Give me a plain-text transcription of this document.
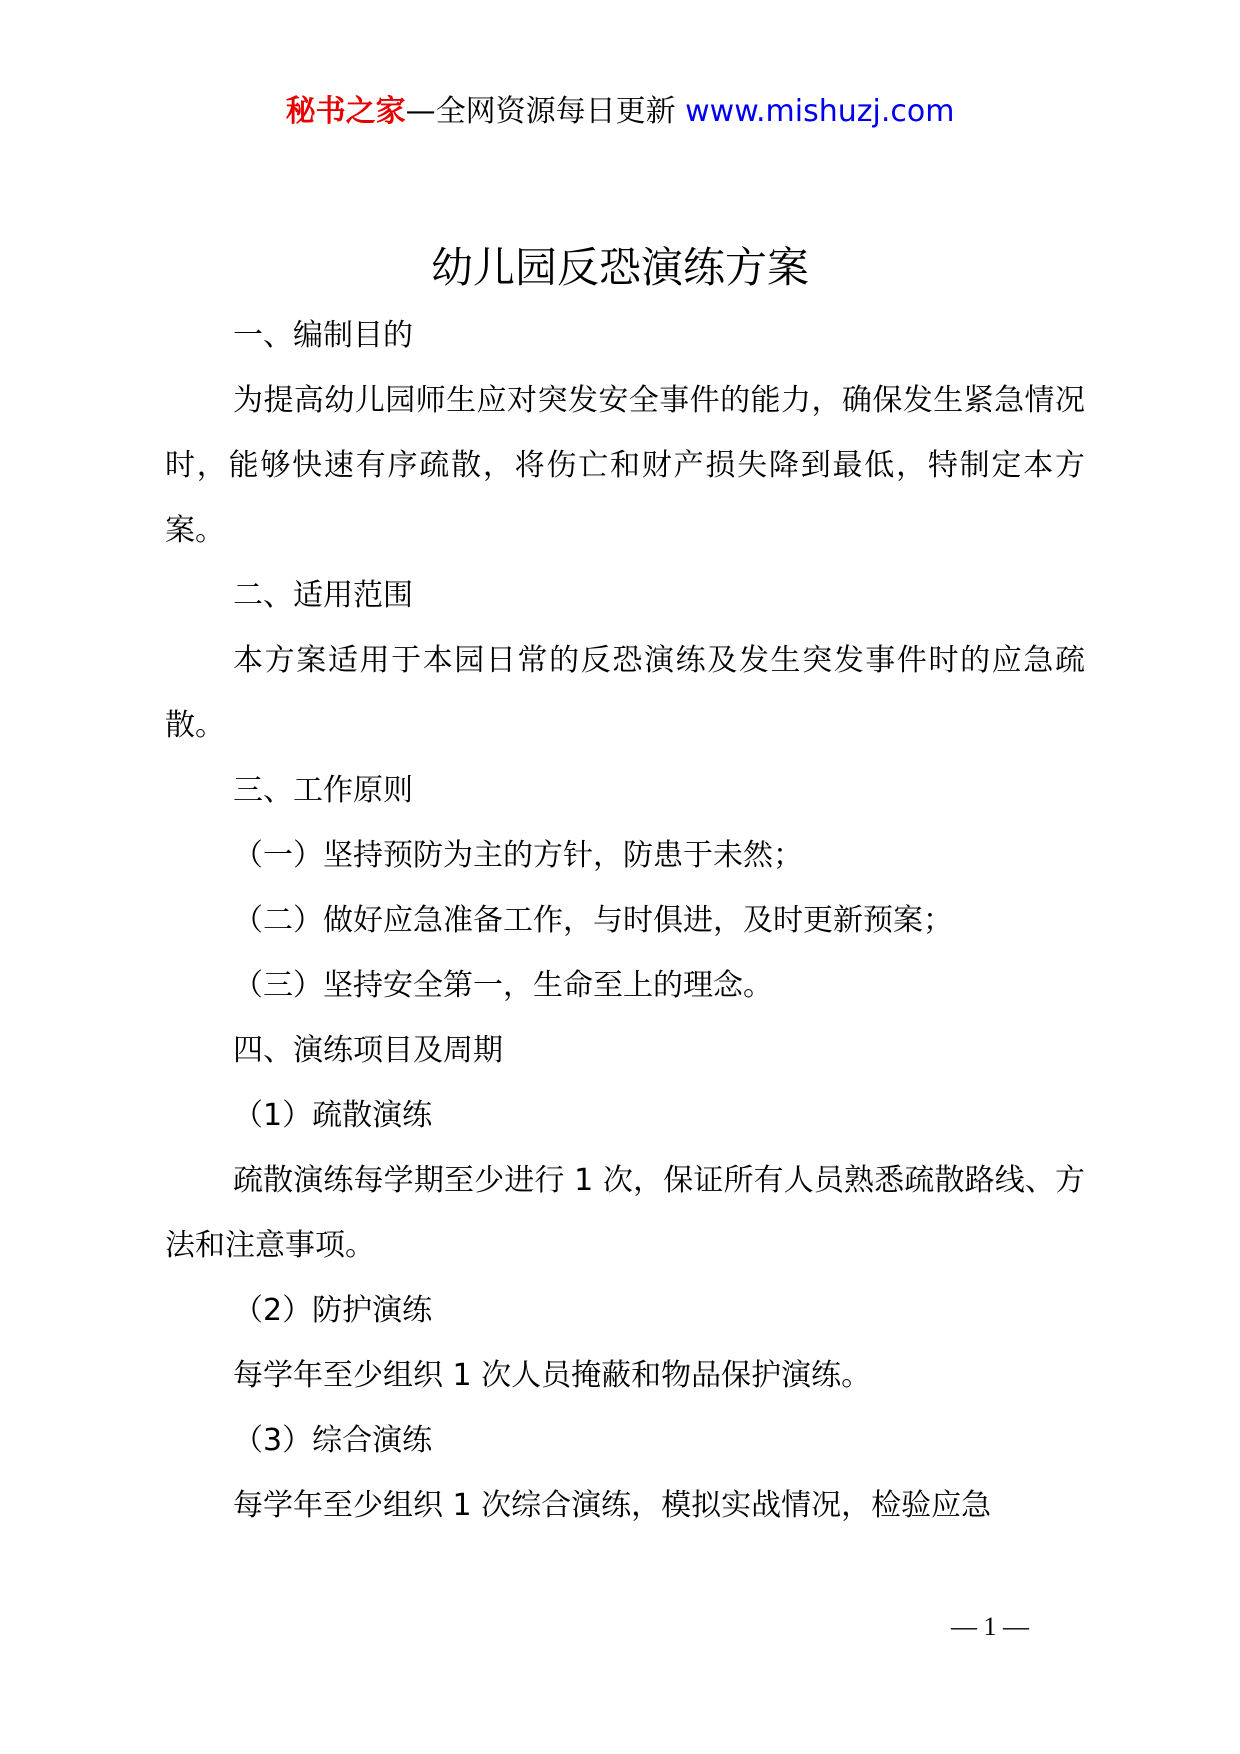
秘书之家—全网资源每日更新 www.mishuzj.com
幼儿园反恐演练方案

一、编制目的

为提高幼儿园师生应对突发安全事件的能力，确保发生紧急情况时，能够快速有序疏散，将伤亡和财产损失降到最低，特制定本方案。

二、适用范围

本方案适用于本园日常的反恐演练及发生突发事件时的应急疏散。

三、工作原则

（一）坚持预防为主的方针，防患于未然；

（二）做好应急准备工作，与时俱进，及时更新预案；

（三）坚持安全第一，生命至上的理念。

四、演练项目及周期

（1）疏散演练

疏散演练每学期至少进行 1 次，保证所有人员熟悉疏散路线、方法和注意事项。

（2）防护演练

每学年至少组织 1 次人员掩蔽和物品保护演练。

（3）综合演练

每学年至少组织 1 次综合演练，模拟实战情况，检验应急

— 1 —
